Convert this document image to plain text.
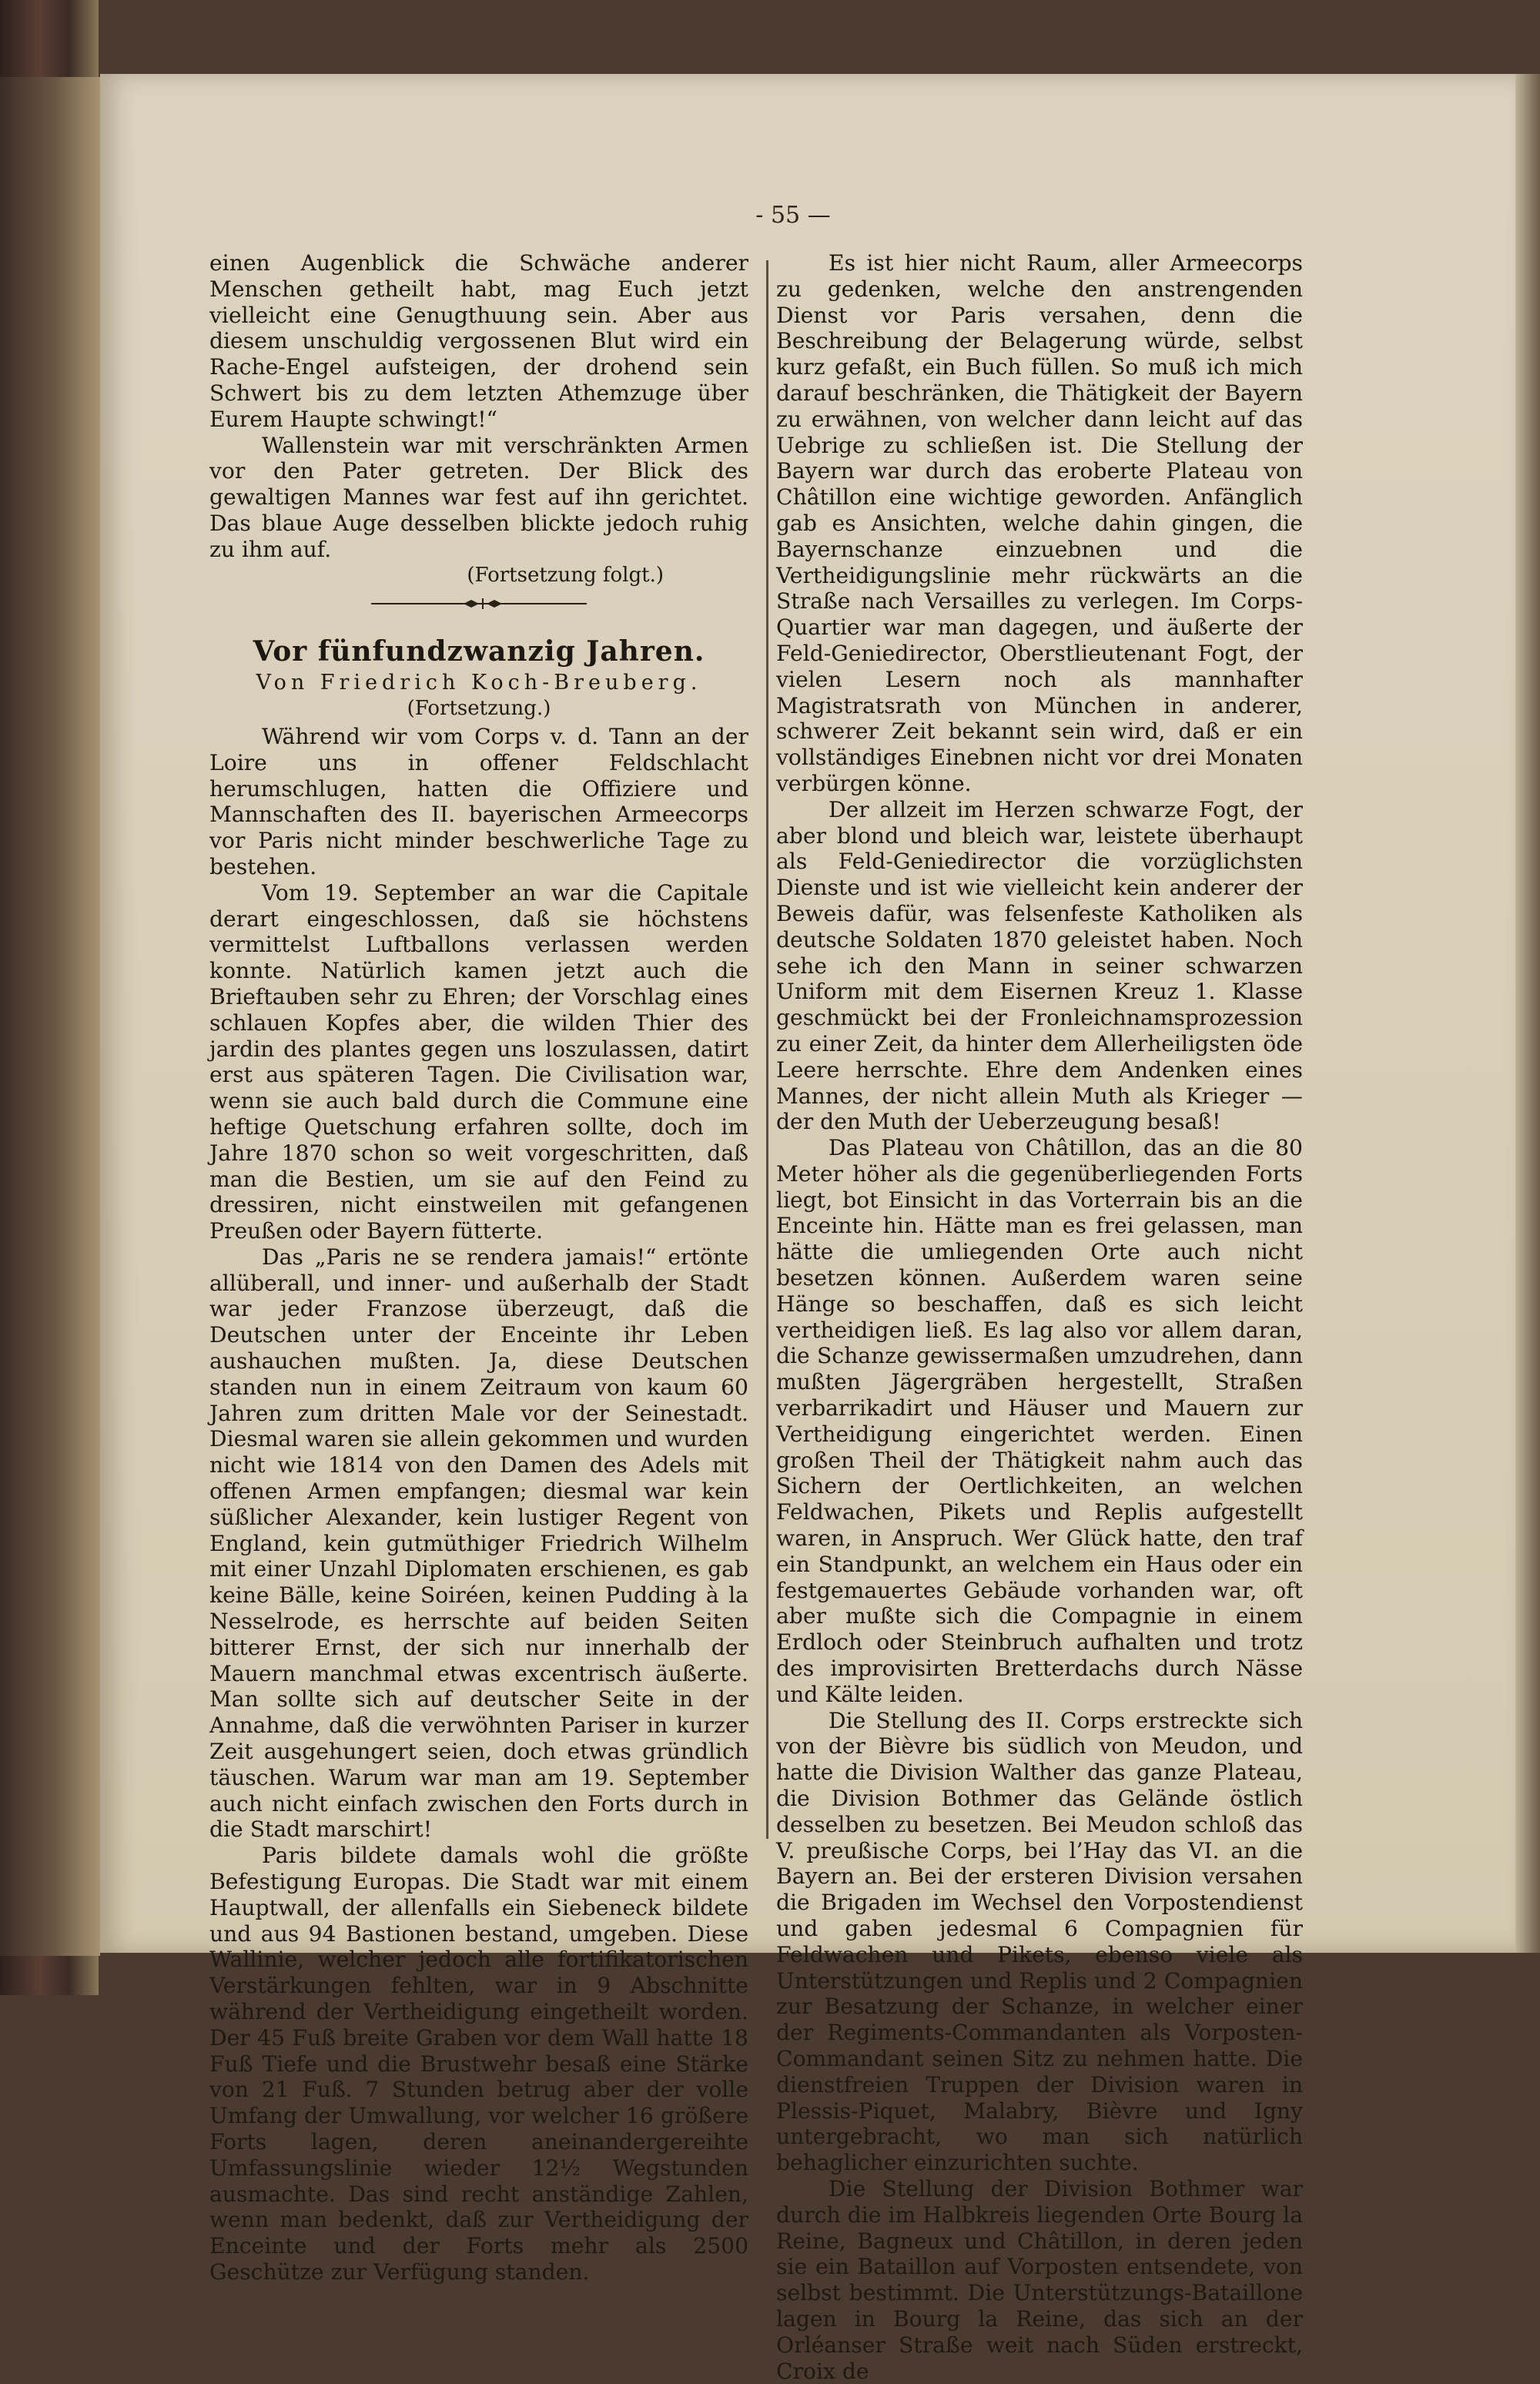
- 55 —

einen Augenblick die Schwäche anderer Menschen getheilt habt, mag Euch jetzt vielleicht eine Genugthuung sein. Aber aus diesem unschuldig vergossenen Blut wird ein Rache-Engel aufsteigen, der drohend sein Schwert bis zu dem letzten Athemzuge über Eurem Haupte schwingt!“

Wallenstein war mit verschränkten Armen vor den Pater getreten. Der Blick des gewaltigen Mannes war fest auf ihn gerichtet. Das blaue Auge desselben blickte jedoch ruhig zu ihm auf.

(Fortsetzung folgt.)
Vor fünfundzwanzig Jahren.
Von Friedrich Koch-Breuberg.
(Fortsetzung.)

Während wir vom Corps v. d. Tann an der Loire uns in offener Feldschlacht herumschlugen, hatten die Offiziere und Mannschaften des II. bayerischen Armeecorps vor Paris nicht minder beschwerliche Tage zu bestehen.

Vom 19. September an war die Capitale derart eingeschlossen, daß sie höchstens vermittelst Luftballons verlassen werden konnte. Natürlich kamen jetzt auch die Brieftauben sehr zu Ehren; der Vorschlag eines schlauen Kopfes aber, die wilden Thier des jardin des plantes gegen uns loszulassen, datirt erst aus späteren Tagen. Die Civilisation war, wenn sie auch bald durch die Commune eine heftige Quetschung erfahren sollte, doch im Jahre 1870 schon so weit vorgeschritten, daß man die Bestien, um sie auf den Feind zu dressiren, nicht einstweilen mit gefangenen Preußen oder Bayern fütterte.

Das „Paris ne se rendera jamais!“ ertönte allüberall, und inner- und außerhalb der Stadt war jeder Franzose überzeugt, daß die Deutschen unter der Enceinte ihr Leben aushauchen mußten. Ja, diese Deutschen standen nun in einem Zeitraum von kaum 60 Jahren zum dritten Male vor der Seinestadt. Diesmal waren sie allein gekommen und wurden nicht wie 1814 von den Damen des Adels mit offenen Armen empfangen; diesmal war kein süßlicher Alexander, kein lustiger Regent von England, kein gutmüthiger Friedrich Wilhelm mit einer Unzahl Diplomaten erschienen, es gab keine Bälle, keine Soiréen, keinen Pudding à la Nesselrode, es herrschte auf beiden Seiten bitterer Ernst, der sich nur innerhalb der Mauern manchmal etwas excentrisch äußerte. Man sollte sich auf deutscher Seite in der Annahme, daß die verwöhnten Pariser in kurzer Zeit ausgehungert seien, doch etwas gründlich täuschen. Warum war man am 19. September auch nicht einfach zwischen den Forts durch in die Stadt marschirt!

Paris bildete damals wohl die größte Befestigung Europas. Die Stadt war mit einem Hauptwall, der allenfalls ein Siebeneck bildete und aus 94 Bastionen bestand, umgeben. Diese Wallinie, welcher jedoch alle fortifikatorischen Verstärkungen fehlten, war in 9 Abschnitte während der Vertheidigung eingetheilt worden. Der 45 Fuß breite Graben vor dem Wall hatte 18 Fuß Tiefe und die Brustwehr besaß eine Stärke von 21 Fuß. 7 Stunden betrug aber der volle Umfang der Umwallung, vor welcher 16 größere Forts lagen, deren aneinandergereihte Umfassungslinie wieder 12½ Wegstunden ausmachte. Das sind recht anständige Zahlen, wenn man bedenkt, daß zur Vertheidigung der Enceinte und der Forts mehr als 2500 Geschütze zur Verfügung standen.

Es ist hier nicht Raum, aller Armeecorps zu gedenken, welche den anstrengenden Dienst vor Paris versahen, denn die Beschreibung der Belagerung würde, selbst kurz gefaßt, ein Buch füllen. So muß ich mich darauf beschränken, die Thätigkeit der Bayern zu erwähnen, von welcher dann leicht auf das Uebrige zu schließen ist. Die Stellung der Bayern war durch das eroberte Plateau von Châtillon eine wichtige geworden. Anfänglich gab es Ansichten, welche dahin gingen, die Bayernschanze einzuebnen und die Vertheidigungslinie mehr rückwärts an die Straße nach Versailles zu verlegen. Im Corps-Quartier war man dagegen, und äußerte der Feld-Geniedirector, Oberstlieutenant Fogt, der vielen Lesern noch als mannhafter Magistratsrath von München in anderer, schwerer Zeit bekannt sein wird, daß er ein vollständiges Einebnen nicht vor drei Monaten verbürgen könne.

Der allzeit im Herzen schwarze Fogt, der aber blond und bleich war, leistete überhaupt als Feld-Geniedirector die vorzüglichsten Dienste und ist wie vielleicht kein anderer der Beweis dafür, was felsenfeste Katholiken als deutsche Soldaten 1870 geleistet haben. Noch sehe ich den Mann in seiner schwarzen Uniform mit dem Eisernen Kreuz 1. Klasse geschmückt bei der Fronleichnamsprozession zu einer Zeit, da hinter dem Allerheiligsten öde Leere herrschte. Ehre dem Andenken eines Mannes, der nicht allein Muth als Krieger — der den Muth der Ueberzeugung besaß!

Das Plateau von Châtillon, das an die 80 Meter höher als die gegenüberliegenden Forts liegt, bot Einsicht in das Vorterrain bis an die Enceinte hin. Hätte man es frei gelassen, man hätte die umliegenden Orte auch nicht besetzen können. Außerdem waren seine Hänge so beschaffen, daß es sich leicht vertheidigen ließ. Es lag also vor allem daran, die Schanze gewissermaßen umzudrehen, dann mußten Jägergräben hergestellt, Straßen verbarrikadirt und Häuser und Mauern zur Vertheidigung eingerichtet werden. Einen großen Theil der Thätigkeit nahm auch das Sichern der Oertlichkeiten, an welchen Feldwachen, Pikets und Replis aufgestellt waren, in Anspruch. Wer Glück hatte, den traf ein Standpunkt, an welchem ein Haus oder ein festgemauertes Gebäude vorhanden war, oft aber mußte sich die Compagnie in einem Erdloch oder Steinbruch aufhalten und trotz des improvisirten Bretterdachs durch Nässe und Kälte leiden.

Die Stellung des II. Corps erstreckte sich von der Bièvre bis südlich von Meudon, und hatte die Division Walther das ganze Plateau, die Division Bothmer das Gelände östlich desselben zu besetzen. Bei Meudon schloß das V. preußische Corps, bei l’Hay das VI. an die Bayern an. Bei der ersteren Division versahen die Brigaden im Wechsel den Vorpostendienst und gaben jedesmal 6 Compagnien für Feldwachen und Pikets, ebenso viele als Unterstützungen und Replis und 2 Compagnien zur Besatzung der Schanze, in welcher einer der Regiments-Commandanten als Vorposten-Commandant seinen Sitz zu nehmen hatte. Die dienstfreien Truppen der Division waren in Plessis-Piquet, Malabry, Bièvre und Igny untergebracht, wo man sich natürlich behaglicher einzurichten suchte.

Die Stellung der Division Bothmer war durch die im Halbkreis liegenden Orte Bourg la Reine, Bagneux und Châtillon, in deren jeden sie ein Bataillon auf Vorposten entsendete, von selbst bestimmt. Die Unterstützungs-Bataillone lagen in Bourg la Reine, das sich an der Orléanser Straße weit nach Süden erstreckt, Croix de
